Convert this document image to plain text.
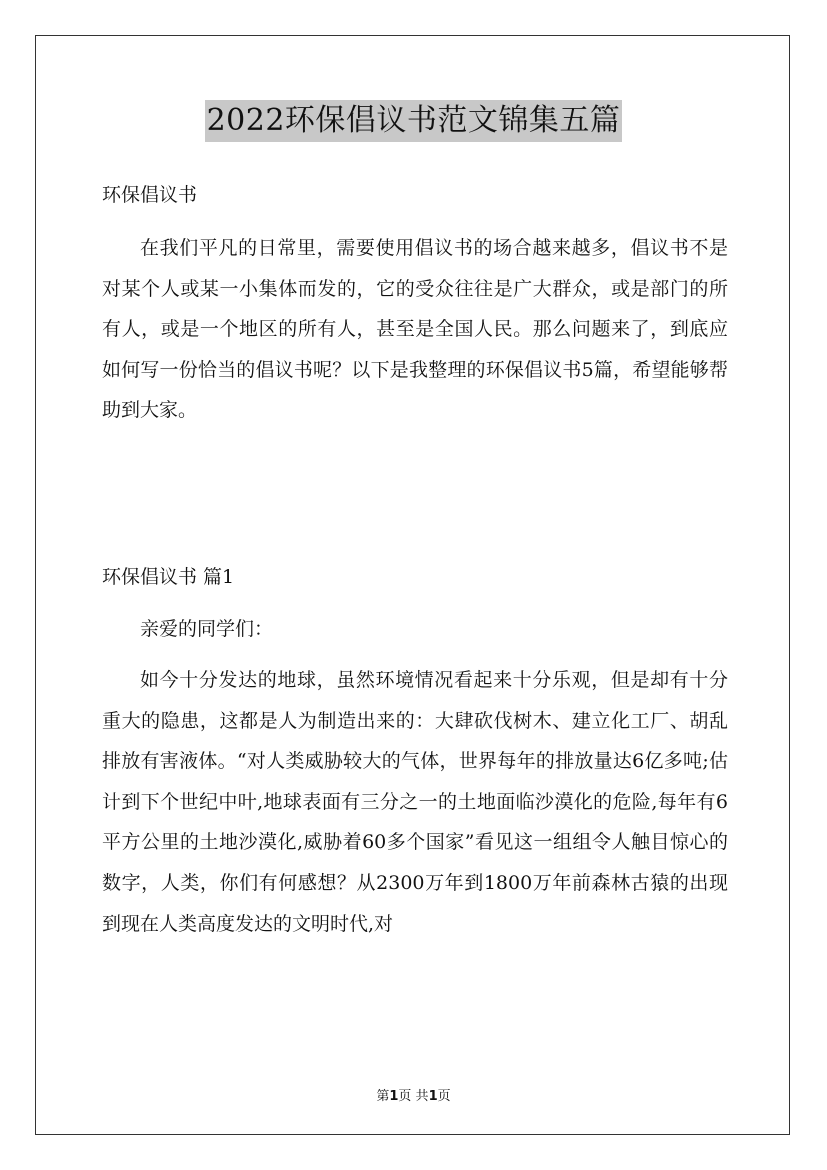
2022环保倡议书范文锦集五篇
环保倡议书

在我们平凡的日常里，需要使用倡议书的场合越来越多，倡议书不是对某个人或某一小集体而发的，它的受众往往是广大群众，或是部门的所有人，或是一个地区的所有人，甚至是全国人民。那么问题来了，到底应如何写一份恰当的倡议书呢？以下是我整理的环保倡议书5篇，希望能够帮助到大家。

环保倡议书 篇1
亲爱的同学们：

如今十分发达的地球，虽然环境情况看起来十分乐观，但是却有十分重大的隐患，这都是人为制造出来的：大肆砍伐树木、建立化工厂、胡乱排放有害液体。“对人类威胁较大的气体，世界每年的排放量达6亿多吨;估计到下个世纪中叶,地球表面有三分之一的土地面临沙漠化的危险,每年有6平方公里的土地沙漠化,威胁着60多个国家”看见这一组组令人触目惊心的数字，人类，你们有何感想？从2300万年到1800万年前森林古猿的出现到现在人类高度发达的文明时代,对

第1页 共1页
